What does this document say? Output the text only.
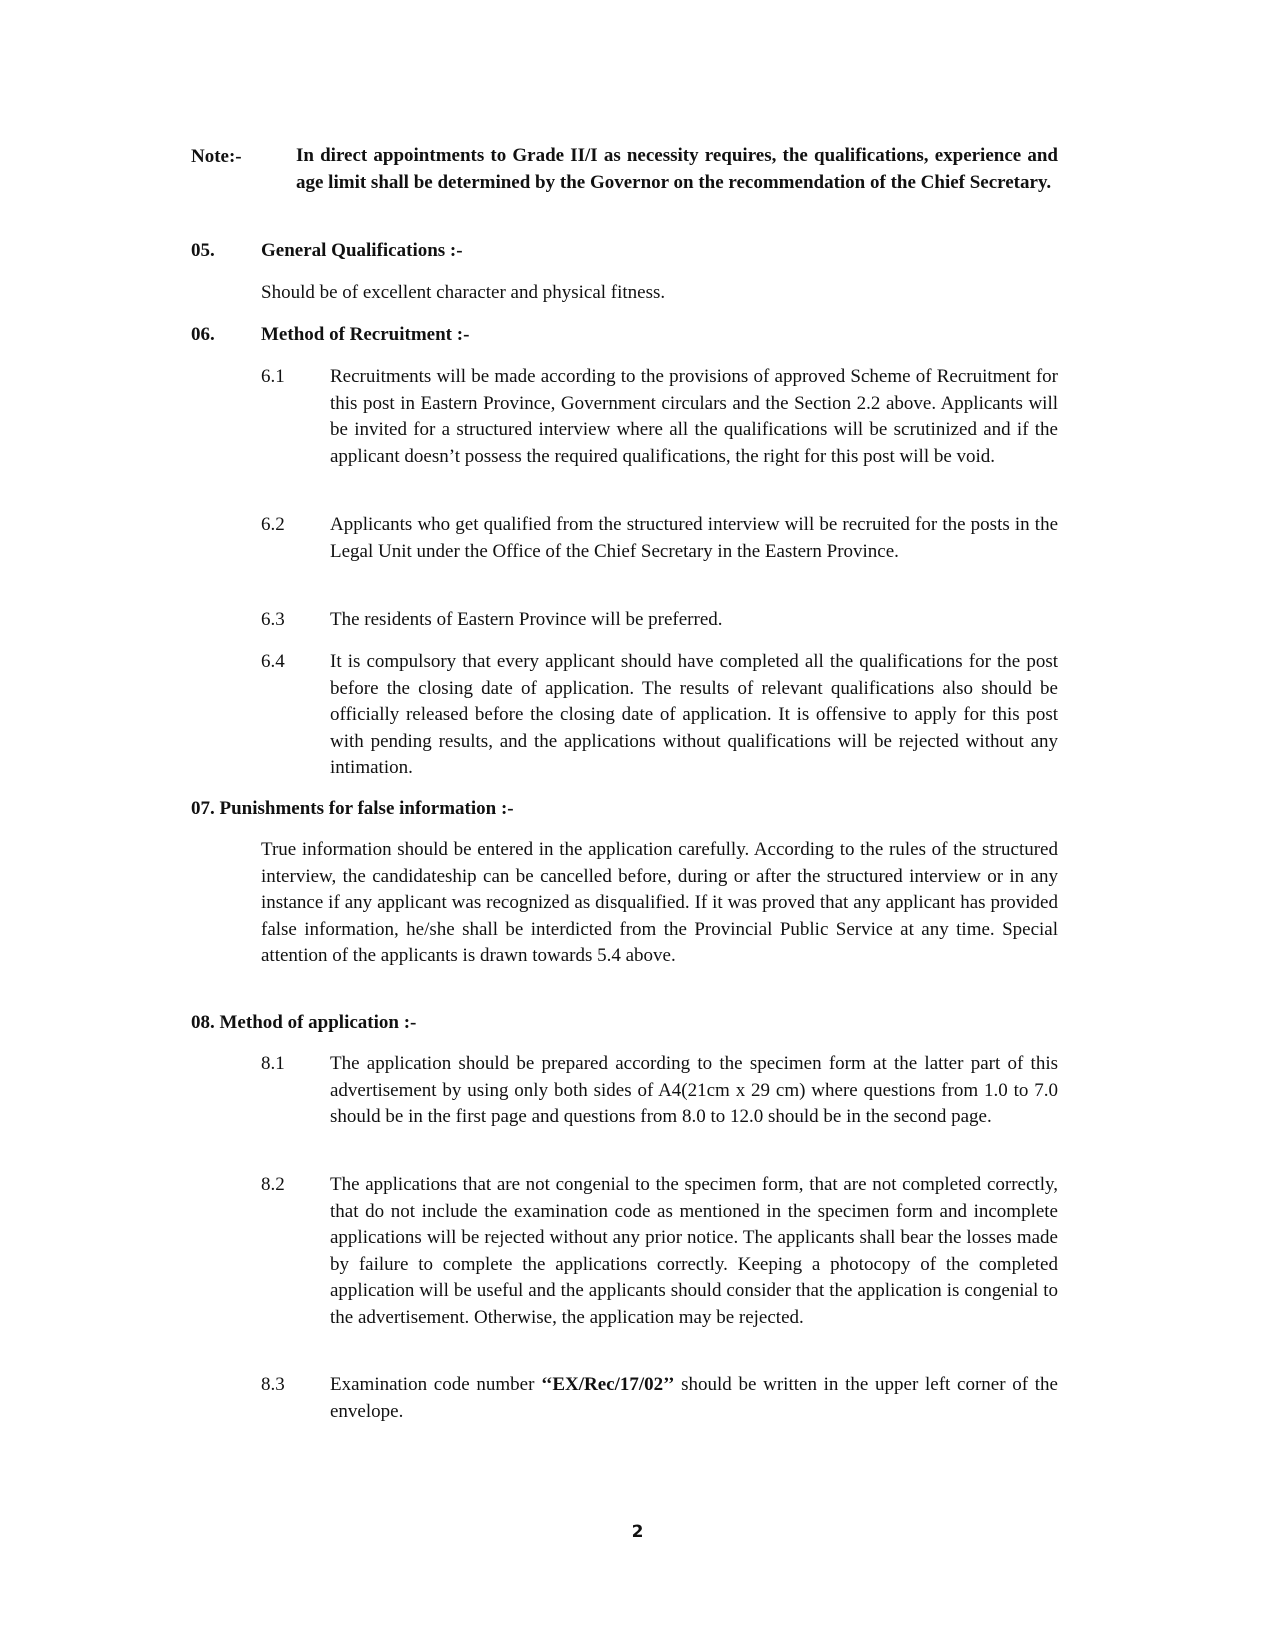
Note:-	In direct appointments to Grade II/I as necessity requires, the qualifications, experience and age limit shall be determined by the Governor on the recommendation of the Chief Secretary.

05. General Qualifications :-

Should be of excellent character and physical fitness.

06. Method of Recruitment :-
6.1 Recruitments will be made according to the provisions of approved Scheme of Recruitment for this post in Eastern Province, Government circulars and the Section 2.2 above. Applicants will be invited for a structured interview where all the qualifications will be scrutinized and if the applicant doesn’t possess the required qualifications, the right for this post will be void.

6.2 Applicants who get qualified from the structured interview will be recruited for the posts in the Legal Unit under the Office of the Chief Secretary in the Eastern Province.

6.3 The residents of Eastern Province will be preferred.

6.4 It is compulsory that every applicant should have completed all the qualifications for the post before the closing date of application. The results of relevant qualifications also should be officially released before the closing date of application. It is offensive to apply for this post with pending results, and the applications without qualifications will be rejected without any intimation.

07. Punishments for false information :-

True information should be entered in the application carefully. According to the rules of the structured interview, the candidateship can be cancelled before, during or after the structured interview or in any instance if any applicant was recognized as disqualified. If it was proved that any applicant has provided false information, he/she shall be interdicted from the Provincial Public Service at any time. Special attention of the applicants is drawn towards 5.4 above.

08. Method of application :-
8.1 The application should be prepared according to the specimen form at the latter part of this advertisement by using only both sides of A4(21cm x 29 cm) where questions from 1.0 to 7.0 should be in the first page and questions from 8.0 to 12.0 should be in the second page.

8.2 The applications that are not congenial to the specimen form, that are not completed correctly, that do not include the examination code as mentioned in the specimen form and incomplete applications will be rejected without any prior notice. The applicants shall bear the losses made by failure to complete the applications correctly. Keeping a photocopy of the completed application will be useful and the applicants should consider that the application is congenial to the advertisement. Otherwise, the application may be rejected.

8.3 Examination code number ‘‘EX/Rec/17/02’’ should be written in the upper left corner of the envelope.

2
